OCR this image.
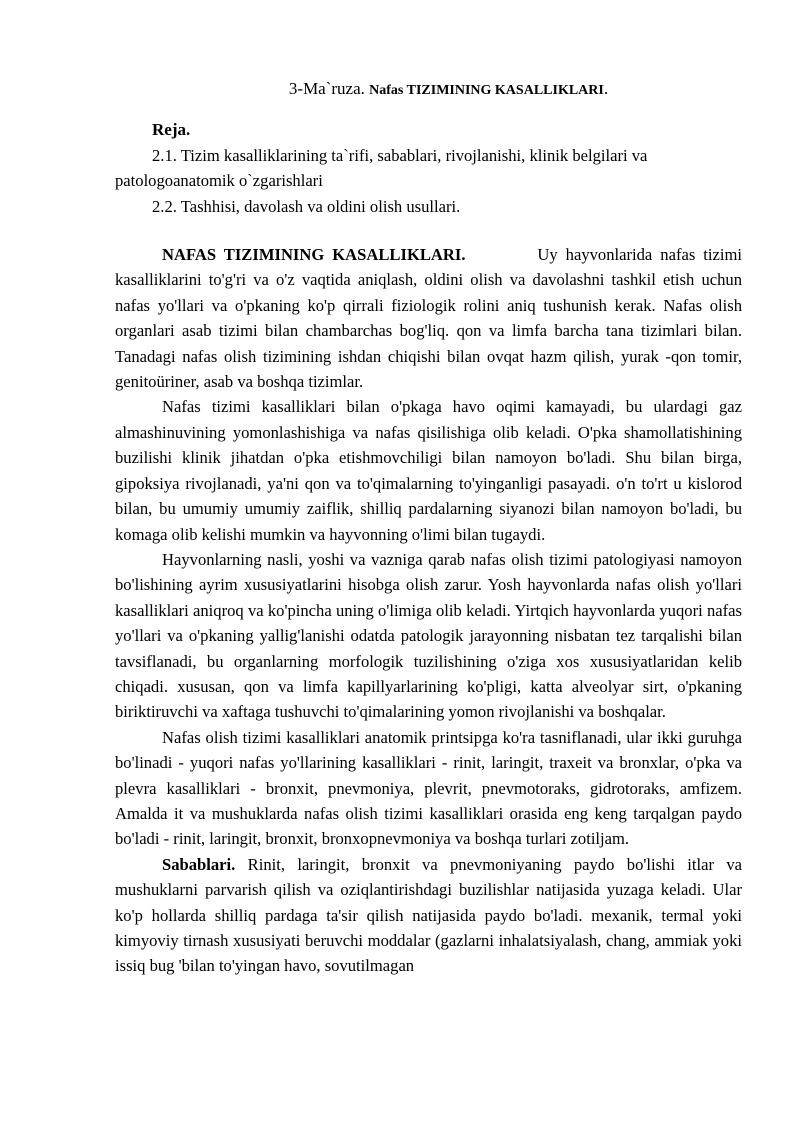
3-Ma`ruza. Nafas TIZIMINING KASALLIKLARI.
Reja.
2.1. Tizim kasalliklarining ta`rifi, sabablari, rivojlanishi, klinik belgilari va patologoanatomik o`zgarishlari
2.2. Tashhisi, davolash va oldini olish usullari.

NAFAS TIZIMINING KASALLIKLARI.	Uy hayvonlarida nafas tizimi kasalliklarini to'g'ri va o'z vaqtida aniqlash, oldini olish va davolashni tashkil etish uchun nafas yo'llari va o'pkaning ko'p qirrali fiziologik rolini aniq tushunish kerak. Nafas olish organlari asab tizimi bilan chambarchas bog'liq. qon va limfa barcha tana tizimlari bilan. Tanadagi nafas olish tizimining ishdan chiqishi bilan ovqat hazm qilish, yurak -qon tomir, genitoüriner, asab va boshqa tizimlar.

Nafas tizimi kasalliklari bilan o'pkaga havo oqimi kamayadi, bu ulardagi gaz almashinuvining yomonlashishiga va nafas qisilishiga olib keladi. O'pka shamollatishining buzilishi klinik jihatdan o'pka etishmovchiligi bilan namoyon bo'ladi. Shu bilan birga, gipoksiya rivojlanadi, ya'ni qon va to'qimalarning to'yinganligi pasayadi. o'n to'rt u kislorod bilan, bu umumiy umumiy zaiflik, shilliq pardalarning siyanozi bilan namoyon bo'ladi, bu komaga olib kelishi mumkin va hayvonning o'limi bilan tugaydi.

Hayvonlarning nasli, yoshi va vazniga qarab nafas olish tizimi patologiyasi namoyon bo'lishining ayrim xususiyatlarini hisobga olish zarur. Yosh hayvonlarda nafas olish yo'llari kasalliklari aniqroq va ko'pincha uning o'limiga olib keladi. Yirtqich hayvonlarda yuqori nafas yo'llari va o'pkaning yallig'lanishi odatda patologik jarayonning nisbatan tez tarqalishi bilan tavsiflanadi, bu organlarning morfologik tuzilishining o'ziga xos xususiyatlaridan kelib chiqadi. xususan, qon va limfa kapillyarlarining ko'pligi, katta alveolyar sirt, o'pkaning biriktiruvchi va xaftaga tushuvchi to'qimalarining yomon rivojlanishi va boshqalar.

Nafas olish tizimi kasalliklari anatomik printsipga ko'ra tasniflanadi, ular ikki guruhga bo'linadi - yuqori nafas yo'llarining kasalliklari - rinit, laringit, traxeit va bronxlar, o'pka va plevra kasalliklari - bronxit, pnevmoniya, plevrit, pnevmotoraks, gidrotoraks, amfizem. Amalda it va mushuklarda nafas olish tizimi kasalliklari orasida eng keng tarqalgan paydo bo'ladi - rinit, laringit, bronxit, bronxopnevmoniya va boshqa turlari zotiljam.

Sabablari. Rinit, laringit, bronxit va pnevmoniyaning paydo bo'lishi itlar va mushuklarni parvarish qilish va oziqlantirishdagi buzilishlar natijasida yuzaga keladi. Ular ko'p hollarda shilliq pardaga ta'sir qilish natijasida paydo bo'ladi. mexanik, termal yoki kimyoviy tirnash xususiyati beruvchi moddalar (gazlarni inhalatsiyalash, chang, ammiak yoki issiq bug 'bilan to'yingan havo, sovutilmagan
